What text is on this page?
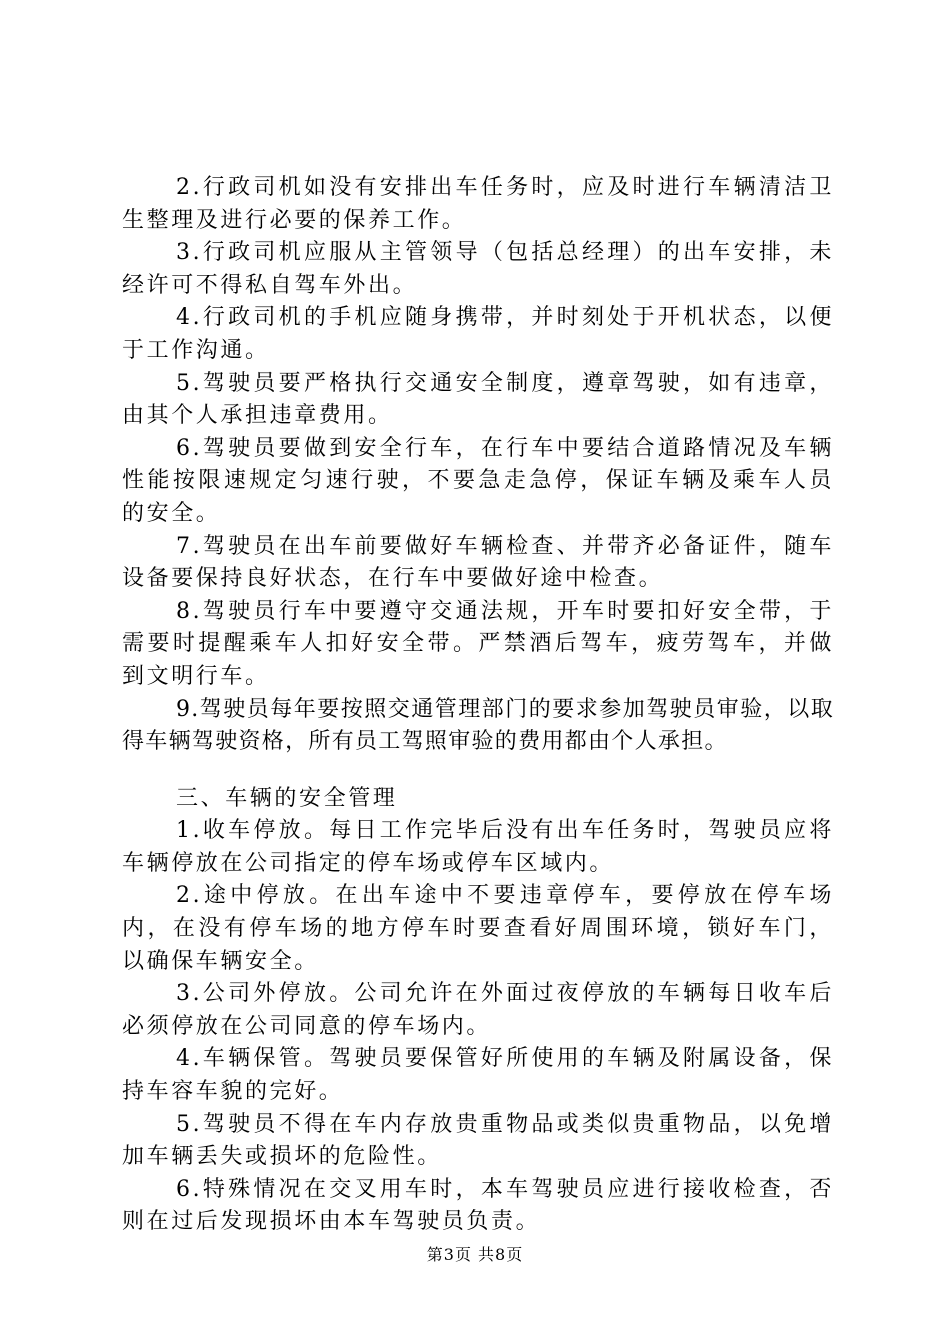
2.行政司机如没有安排出车任务时，应及时进行车辆清洁卫生整理及进行必要的保养工作。

3.行政司机应服从主管领导（包括总经理）的出车安排，未经许可不得私自驾车外出。

4.行政司机的手机应随身携带，并时刻处于开机状态，以便于工作沟通。

5.驾驶员要严格执行交通安全制度，遵章驾驶，如有违章，由其个人承担违章费用。

6.驾驶员要做到安全行车，在行车中要结合道路情况及车辆性能按限速规定匀速行驶，不要急走急停，保证车辆及乘车人员的安全。

7.驾驶员在出车前要做好车辆检查、并带齐必备证件，随车设备要保持良好状态，在行车中要做好途中检查。

8.驾驶员行车中要遵守交通法规，开车时要扣好安全带，于需要时提醒乘车人扣好安全带。严禁酒后驾车，疲劳驾车，并做到文明行车。

9.驾驶员每年要按照交通管理部门的要求参加驾驶员审验，以取得车辆驾驶资格，所有员工驾照审验的费用都由个人承担。

三、车辆的安全管理

1.收车停放。每日工作完毕后没有出车任务时，驾驶员应将车辆停放在公司指定的停车场或停车区域内。

2.途中停放。在出车途中不要违章停车，要停放在停车场内，在没有停车场的地方停车时要查看好周围环境，锁好车门，以确保车辆安全。

3.公司外停放。公司允许在外面过夜停放的车辆每日收车后必须停放在公司同意的停车场内。

4.车辆保管。驾驶员要保管好所使用的车辆及附属设备，保持车容车貌的完好。

5.驾驶员不得在车内存放贵重物品或类似贵重物品，以免增加车辆丢失或损坏的危险性。

6.特殊情况在交叉用车时，本车驾驶员应进行接收检查，否则在过后发现损坏由本车驾驶员负责。

第3页 共8页
